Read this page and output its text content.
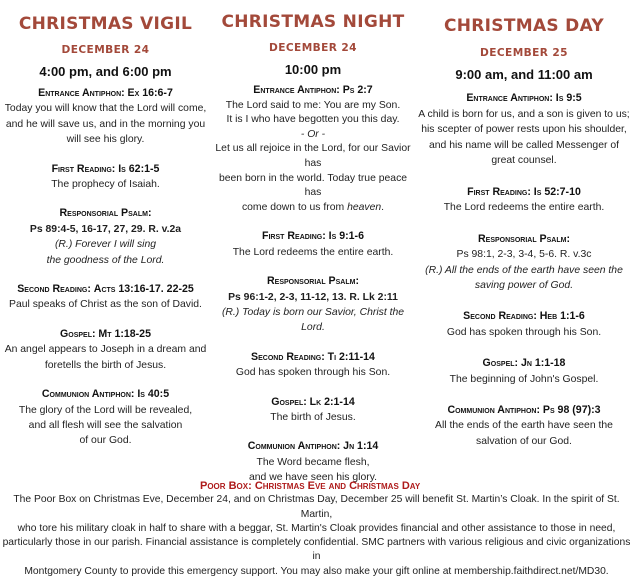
CHRISTMAS VIGIL
DECEMBER 24
4:00 pm, and 6:00 pm
Entrance Antiphon: Ex 16:6-7
Today you will know that the Lord will come,
and he will save us, and in the morning you
will see his glory.
First Reading: Is 62:1-5
The prophecy of Isaiah.
Responsorial Psalm:
Ps 89:4-5, 16-17, 27, 29. R. v.2a
(R.) Forever I will sing
the goodness of the Lord.
Second Reading: Acts 13:16-17. 22-25
Paul speaks of Christ as the son of David.
Gospel: Mt 1:18-25
An angel appears to Joseph in a dream and
foretells the birth of Jesus.
Communion Antiphon: Is 40:5
The glory of the Lord will be revealed,
and all flesh will see the salvation
of our God.
CHRISTMAS NIGHT
DECEMBER 24
10:00 pm
Entrance Antiphon: Ps 2:7
The Lord said to me: You are my Son.
It is I who have begotten you this day.
- Or -
Let us all rejoice in the Lord, for our Savior has
been born in the world. Today true peace has
come down to us from heaven.
First Reading: Is 9:1-6
The Lord redeems the entire earth.
Responsorial Psalm:
Ps 96:1-2, 2-3, 11-12, 13. R. Lk 2:11
(R.) Today is born our Savior, Christ the Lord.
Second Reading: Ti 2:11-14
God has spoken through his Son.
Gospel: Lk 2:1-14
The birth of Jesus.
Communion Antiphon: Jn 1:14
The Word became flesh,
and we have seen his glory.
CHRISTMAS DAY
DECEMBER 25
9:00 am, and 11:00 am
Entrance Antiphon: Is 9:5
A child is born for us, and a son is given to us;
his scepter of power rests upon his shoulder,
and his name will be called Messenger of
great counsel.
First Reading: Is 52:7-10
The Lord redeems the entire earth.
Responsorial Psalm:
Ps 98:1, 2-3, 3-4, 5-6. R. v.3c
(R.) All the ends of the earth have seen the
saving power of God.
Second Reading: Heb 1:1-6
God has spoken through his Son.
Gospel: Jn 1:1-18
The beginning of John's Gospel.
Communion Antiphon: Ps 98 (97):3
All the ends of the earth have seen the
salvation of our God.
Poor Box: Christmas Eve and Christmas Day
The Poor Box on Christmas Eve, December 24, and on Christmas Day, December 25 will benefit St. Martin’s Cloak. In the spirit of St. Martin,
who tore his military cloak in half to share with a beggar, St. Martin's Cloak provides financial and other assistance to those in need,
particularly those in our parish. Financial assistance is completely confidential. SMC partners with various religious and civic organizations in
Montgomery County to provide this emergency support. You may also make your gift online at membership.faithdirect.net/MD30.
